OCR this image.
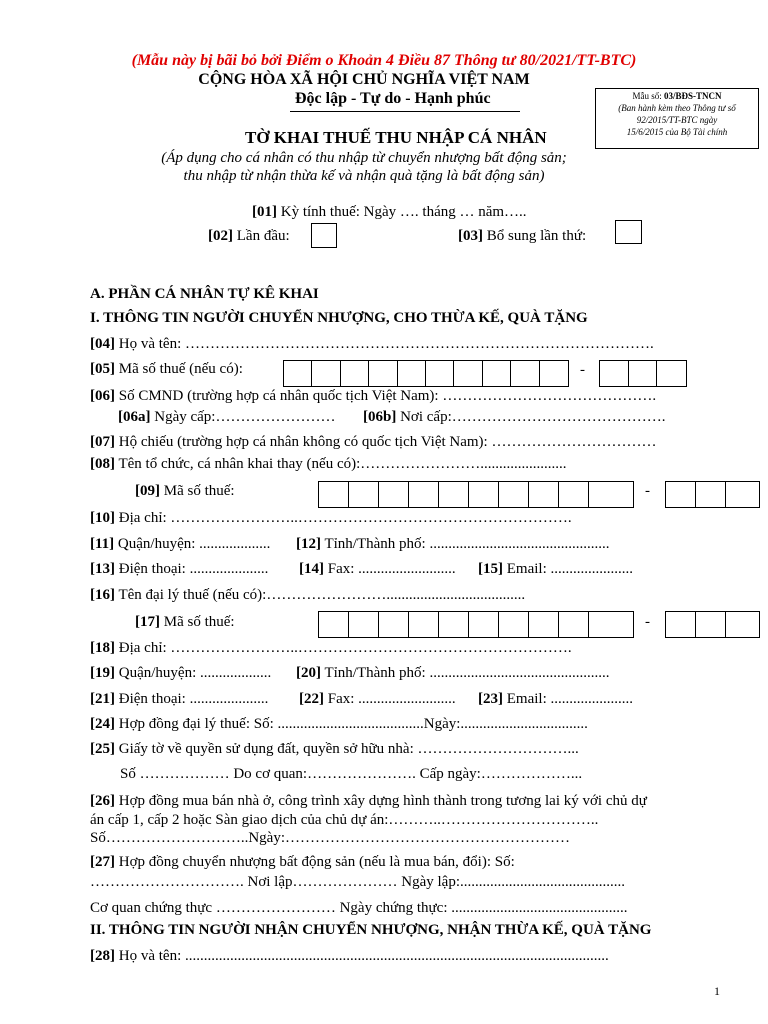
(Mẫu này bị bãi bỏ bởi Điểm o Khoản 4 Điều 87 Thông tư 80/2021/TT-BTC)
CỘNG HÒA XÃ HỘI CHỦ NGHĨA VIỆT NAM
Độc lập - Tự do - Hạnh phúc	Mẫu số: 03/BĐS-TNCN
(Ban hành kèm theo Thông tư số
92/2015/TT-BTC ngày
15/6/2015 của Bộ Tài chính
TỜ KHAI THUẾ THU NHẬP CÁ NHÂN
(Áp dụng cho cá nhân có thu nhập từ chuyển nhượng bất động sản;
thu nhập từ nhận thừa kế và nhận quà tặng là bất động sản)
[01] Kỳ tính thuế: Ngày …. tháng … năm…..
[02] Lần đầu:	[03] Bổ sung lần thứ:
A. PHẦN CÁ NHÂN TỰ KÊ KHAI
I. THÔNG TIN NGƯỜI CHUYỂN NHƯỢNG, CHO THỪA KẾ, QUÀ TẶNG
[04] Họ và tên: ………………………………………………………………………………….
[05] Mã số thuế (nếu có):	-
[06] Số CMND (trường hợp cá nhân quốc tịch Việt Nam): …………………………………….
[06a] Ngày cấp:…………………… [06b] Nơi cấp:…………………………………….
[07] Hộ chiếu (trường hợp cá nhân không có quốc tịch Việt Nam): ……………………………
[08] Tên tổ chức, cá nhân khai thay (nếu có):…………………….......................
[09] Mã số thuế:	-
[10] Địa chỉ: ……………………..……………………………………………….
[11] Quận/huyện: ................... [12] Tỉnh/Thành phố: ................................................
[13] Điện thoại: ..................... [14] Fax: .......................... [15] Email: ......................
[16] Tên đại lý thuế (nếu có):…………………….....................................
[17] Mã số thuế:	-
[18] Địa chỉ: ……………………..……………………………………………….
[19] Quận/huyện: ................... [20] Tỉnh/Thành phố: ................................................
[21] Điện thoại: ..................... [22] Fax: .......................... [23] Email: ......................
[24] Hợp đồng đại lý thuế: Số: .......................................Ngày:..................................
[25] Giấy tờ về quyền sử dụng đất, quyền sở hữu nhà: …………………………...
Số ……………… Do cơ quan:…………………. Cấp ngày:………………...
[26] Hợp đồng mua bán nhà ở, công trình xây dựng hình thành trong tương lai ký với chủ dự
án cấp 1, cấp 2 hoặc Sàn giao dịch của chủ dự án:………..…………………………..
Số………………………..Ngày:…………………………………………………
[27] Hợp đồng chuyển nhượng bất động sản (nếu là mua bán, đổi): Số:
…………………………. Nơi lập………………… Ngày lập:............................................
Cơ quan chứng thực …………………… Ngày chứng thực: ...............................................
II. THÔNG TIN NGƯỜI NHẬN CHUYỂN NHƯỢNG, NHẬN THỪA KẾ, QUÀ TẶNG
[28] Họ và tên: .................................................................................................................
1
